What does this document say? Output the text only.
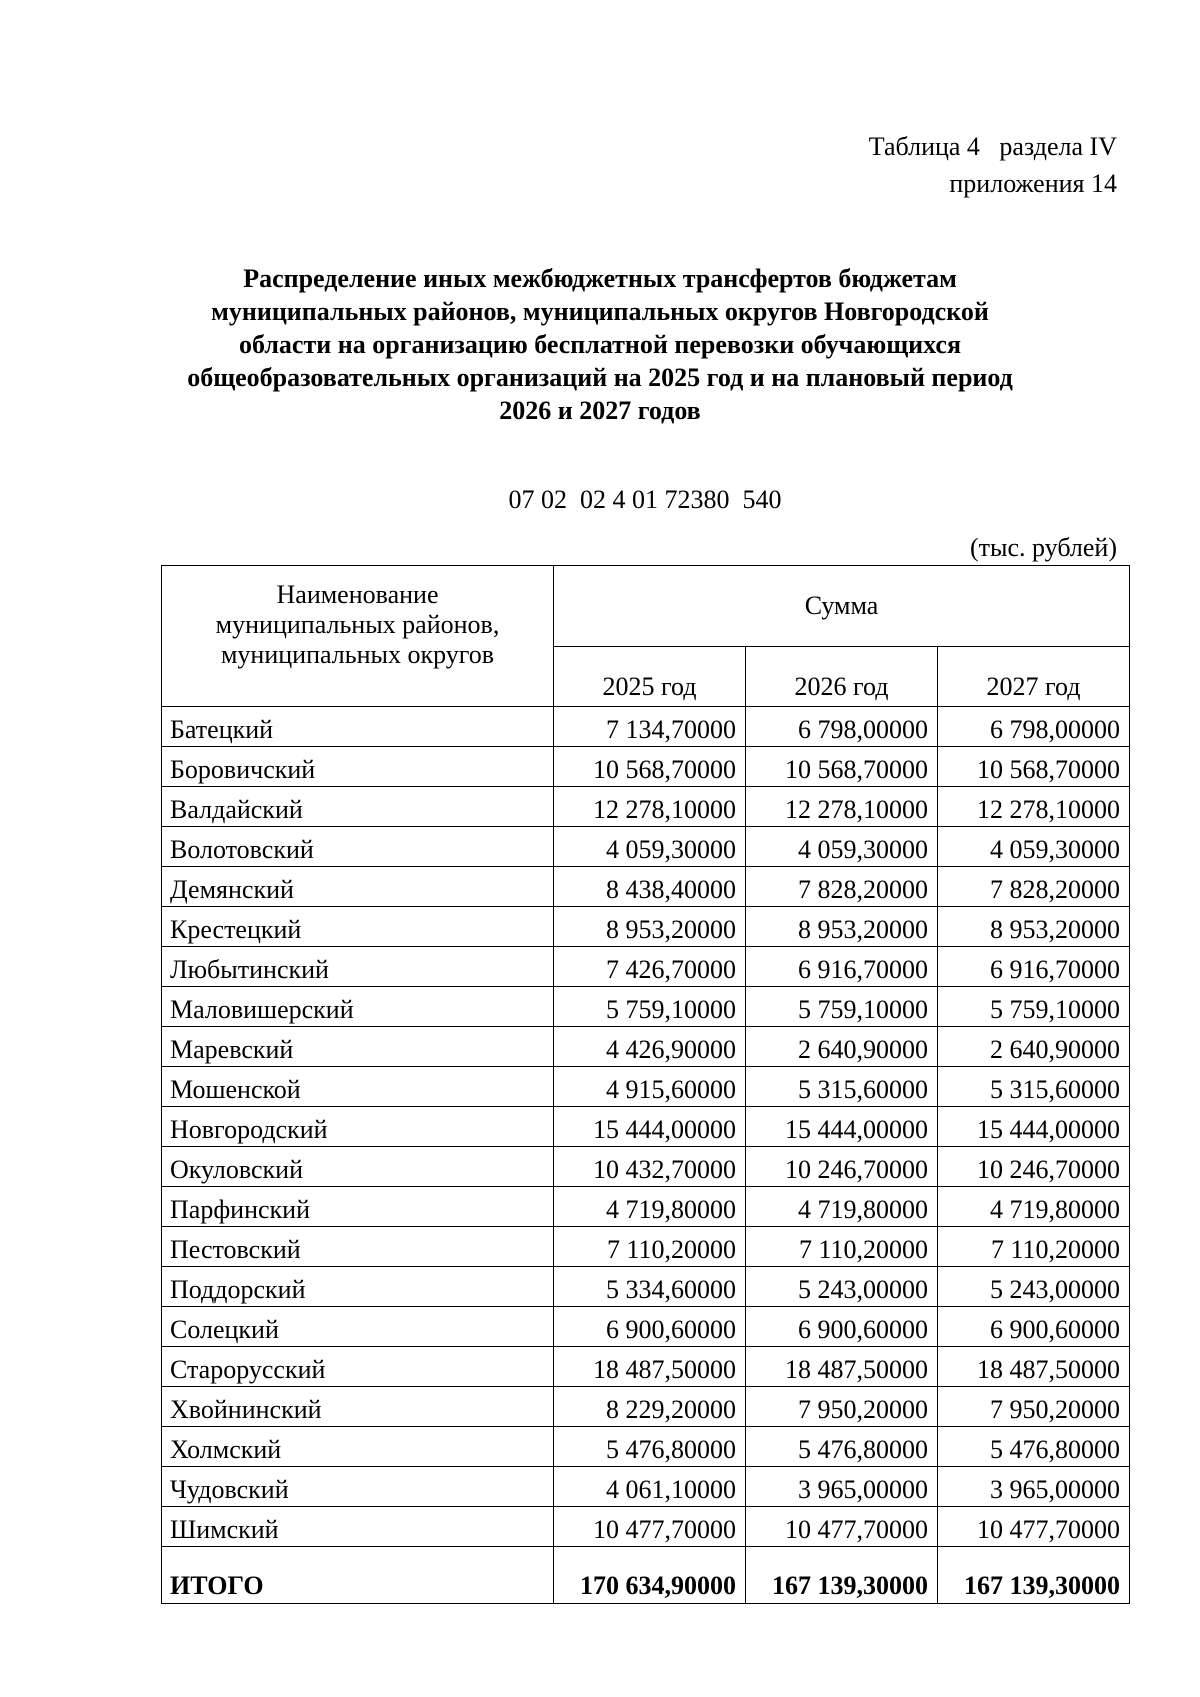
Таблица 4   раздела IV
приложения 14
Распределение иных межбюджетных трансфертов бюджетам
муниципальных районов, муниципальных округов Новгородской
области на организацию бесплатной перевозки обучающихся
общеобразовательных организаций на 2025 год и на плановый период
2026 и 2027 годов
07 02  02 4 01 72380  540
(тыс. рублей)
Наименование
муниципальных районов,
муниципальных округов	Сумма		
	2025 год	2026 год	2027 год
Батецкий	7 134,70000	6 798,00000	6 798,00000
Боровичский	10 568,70000	10 568,70000	10 568,70000
Валдайский	12 278,10000	12 278,10000	12 278,10000
Волотовский	4 059,30000	4 059,30000	4 059,30000
Демянский	8 438,40000	7 828,20000	7 828,20000
Крестецкий	8 953,20000	8 953,20000	8 953,20000
Любытинский	7 426,70000	6 916,70000	6 916,70000
Маловишерский	5 759,10000	5 759,10000	5 759,10000
Маревский	4 426,90000	2 640,90000	2 640,90000
Мошенской	4 915,60000	5 315,60000	5 315,60000
Новгородский	15 444,00000	15 444,00000	15 444,00000
Окуловский	10 432,70000	10 246,70000	10 246,70000
Парфинский	4 719,80000	4 719,80000	4 719,80000
Пестовский	7 110,20000	7 110,20000	7 110,20000
Поддорский	5 334,60000	5 243,00000	5 243,00000
Солецкий	6 900,60000	6 900,60000	6 900,60000
Старорусский	18 487,50000	18 487,50000	18 487,50000
Хвойнинский	8 229,20000	7 950,20000	7 950,20000
Холмский	5 476,80000	5 476,80000	5 476,80000
Чудовский	4 061,10000	3 965,00000	3 965,00000
Шимский	10 477,70000	10 477,70000	10 477,70000
ИТОГО	170 634,90000	167 139,30000	167 139,30000
